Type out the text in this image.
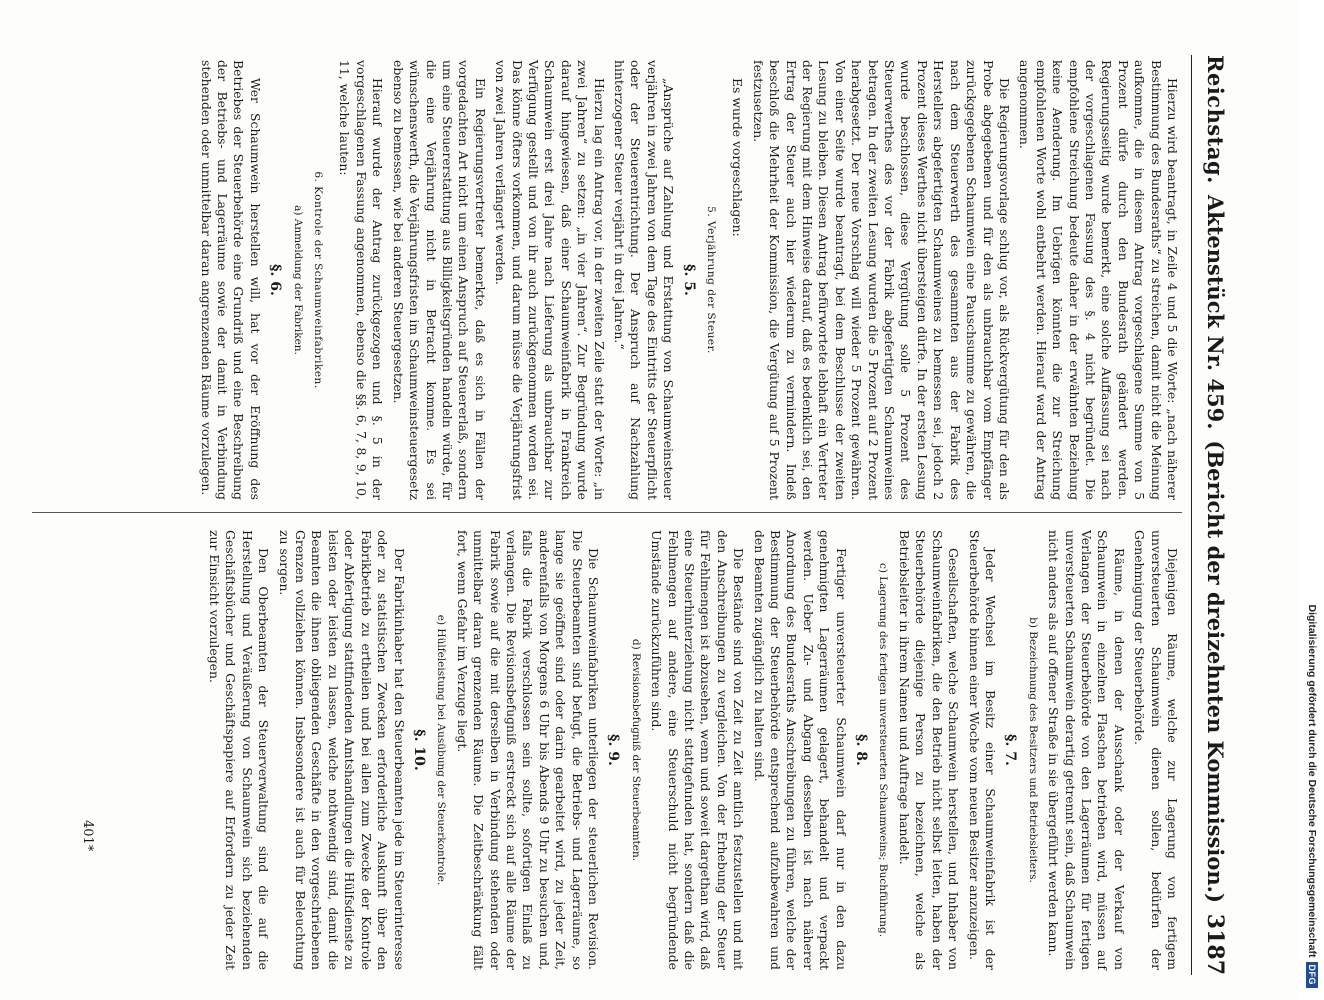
Reichstag.
Aktenstück Nr. 459.
(Bericht der dreizehnten Kommission.)
3187

Hierzu wird beantragt, in Zeile 4 und 5 die Worte: „nach näherer Bestimmung des Bundesraths“ zu streichen, damit nicht die Meinung aufkomme, die in diesem Antrag vorgeschlagene Summe von 5 Prozent dürfe durch den Bundesrath geändert werden. Regierungsseitig wurde bemerkt, eine solche Auffassung sei nach der vorgeschlagenen Fassung des §. 4 nicht begründet. Die empfohlene Streichung bedeute daher in der erwähnten Beziehung keine Aenderung. Im Uebrigen könnten die zur Streichung empfohlenen Worte wohl entbehrt werden. Hierauf ward der Antrag angenommen.

Die Regierungsvorlage schlug vor, als Rückvergütung für den als Probe abgegebenen und für den als unbrauchbar vom Empfänger zurückgegebenen Schaumwein eine Pauschsumme zu gewähren, die nach dem Steuerwerth des gesammten aus der Fabrik des Herstellers abgefertigten Schaumweines zu bemessen sei, jedoch 2 Prozent dieses Werthes nicht übersteigen dürfe. In der ersten Lesung wurde beschlossen, diese Vergütung solle 5 Prozent des Steuerwerthes des vor der Fabrik abgefertigten Schaumweines betragen. In der zweiten Lesung wurden die 5 Prozent auf 2 Prozent herabgesetzt. Der neue Vorschlag will wieder 5 Prozent gewähren. Von einer Seite wurde beantragt, bei dem Beschlusse der zweiten Lesung zu bleiben. Diesen Antrag befürwortete lebhaft ein Vertreter der Regierung mit dem Hinweise darauf, daß es bedenklich sei, den Ertrag der Steuer auch hier wiederum zu vermindern. Indeß beschloß die Mehrheit der Kommission, die Vergütung auf 5 Prozent festzusetzen.

Es wurde vorgeschlagen:

5. Verjährung der Steuer.
§. 5.

„Ansprüche auf Zahlung und Erstattung von Schaumweinsteuer verjähren in zwei Jahren von dem Tage des Eintritts der Steuerpflicht oder der Steuerentrichtung. Der Anspruch auf Nachzahlung hinterzogener Steuer verjährt in drei Jahren.“

Hierzu lag ein Antrag vor, in der zweiten Zeile statt der Worte: „in zwei Jahren“ zu setzen: „in vier Jahren“. Zur Begründung wurde darauf hingewiesen, daß einer Schaumweinfabrik in Frankreich Schaumwein erst drei Jahre nach Lieferung als unbrauchbar zur Verfügung gestellt und von ihr auch zurückgenommen worden sei. Das könne öfters vorkommen, und darum müsse die Verjährungsfrist von zwei Jahren verlängert werden.

Ein Regierungsvertreter bemerkte, daß es sich in Fällen der vorgedachten Art nicht um einen Anspruch auf Steuererlaß, sondern um eine Steuererstattung aus Billigkeitsgründen handeln würde, für die eine Verjährung nicht in Betracht komme. Es sei wünschenswerth, die Verjährungsfristen im Schaumweinsteuergesetz ebenso zu bemessen, wie bei anderen Steuergesetzen.

Hierauf wurde der Antrag zurückgezogen und §. 5 in der vorgeschlagenen Fassung angenommen, ebenso die §§. 6, 7, 8, 9, 10, 11, welche lauten:

6. Kontrole der Schaumweinfabriken.
a) Anmeldung der Fabriken.
§. 6.

Wer Schaumwein herstellen will, hat vor der Eröffnung des Betriebes der Steuerbehörde eine Grundriß und eine Beschreibung der Betriebs- und Lagerräume sowie der damit in Verbindung stehenden oder unmittelbar daran angrenzenden Räume vorzulegen.

Diejenigen Räume, welche zur Lagerung von fertigem unversteuerten Schaumwein dienen sollen, bedürfen der Genehmigung der Steuerbehörde.

Räume, in denen der Ausschank oder der Verkauf von Schaumwein in einzelnen Flaschen betrieben wird, müssen auf Verlangen der Steuerbehörde von den Lagerräumen für fertigen unversteuerten Schaumwein derartig getrennt sein, daß Schaumwein nicht anders als auf offener Straße in sie übergeführt werden kann.

b) Bezeichnung des Besitzers und Betriebsleiters.
§. 7.

Jeder Wechsel im Besitz einer Schaumweinfabrik ist der Steuerbehörde binnen einer Woche vom neuen Besitzer anzuzeigen.

Gesellschaften, welche Schaumwein herstellen, und Inhaber von Schaumweinfabriken, die den Betrieb nicht selbst leiten, haben der Steuerbehörde diejenige Person zu bezeichnen, welche als Betriebsleiter in ihrem Namen und Auftrage handelt.

c) Lagerung des fertigen unversteuerten Schaumweins; Buchführung.
§. 8.

Fertiger unversteuerter Schaumwein darf nur in den dazu genehmigten Lagerräumen gelagert, behandelt und verpackt werden. Ueber Zu- und Abgang desselben ist nach näherer Anordnung des Bundesraths Anschreibungen zu führen, welche der Bestimmung der Steuerbehörde entsprechend aufzubewahren und den Beamten zugänglich zu halten sind.

Die Bestände sind von Zeit zu Zeit amtlich festzustellen und mit den Anschreibungen zu vergleichen. Von der Erhebung der Steuer für Fehlmengen ist abzusehen, wenn und soweit dargethan wird, daß eine Steuerhinterziehung nicht stattgefunden hat, sondern daß die Fehlmengen auf andere, eine Steuerschuld nicht begründende Umstände zurückzuführen sind.

d) Revisionsbefugniß der Steuerbeamten.
§. 9.

Die Schaumweinfabriken unterliegen der steuerlichen Revision. Die Steuerbeamten sind befugt, die Betriebs- und Lagerräume, so lange sie geöffnet sind oder darin gearbeitet wird, zu jeder Zeit, anderenfalls von Morgens 6 Uhr bis Abends 9 Uhr zu besuchen und, falls die Fabrik verschlossen sein sollte, sofortigen Einlaß zu verlangen. Die Revisionsbefugniß erstreckt sich auf alle Räume der Fabrik sowie auf die mit derselben in Verbindung stehenden oder unmittelbar daran grenzenden Räume. Die Zeitbeschränkung fällt fort, wenn Gefahr im Verzuge liegt.

e) Hülfeleistung bei Ausübung der Steuerkontrole.
§. 10.

Der Fabrikinhaber hat den Steuerbeamten jede im Steuerinteresse oder zu statistischen Zwecken erforderliche Auskunft über den Fabrikbetrieb zu ertheilen und bei allen zum Zwecke der Kontrole oder Abfertigung stattfindenden Amtshandlungen die Hülfsdienste zu leisten oder leisten zu lassen, welche nothwendig sind, damit die Beamten die ihnen obliegenden Geschäfte in den vorgeschriebenen Grenzen vollziehen können. Insbesondere ist auch für Beleuchtung zu sorgen.

Den Oberbeamten der Steuerverwaltung sind die auf die Herstellung und Veräußerung von Schaumwein sich beziehenden Geschäftsbücher und Geschäftspapiere auf Erfordern zu jeder Zeit zur Einsicht vorzulegen.

401*	Digitalisierung gefördert durch die Deutsche Forschungsgemeinschaft
DFG
